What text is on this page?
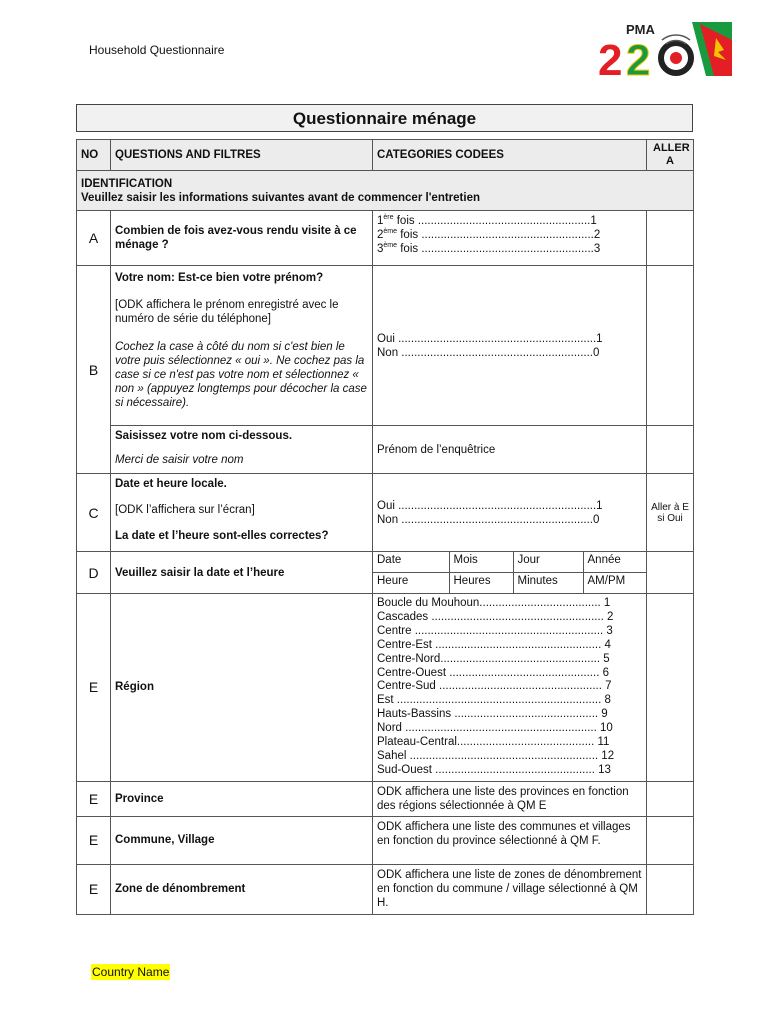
Household Questionnaire
PMA
2 2
Questionnaire ménage
NO	QUESTIONS AND FILTRES	CATEGORIES CODEES	ALLER A

IDENTIFICATION
Veuillez saisir les informations suivantes avant de commencer l'entretien

A	Combien de fois avez-vous rendu visite à ce ménage ?	
1ère fois ......................................................1
2ème fois ......................................................2
3ème fois ......................................................3

B	
Votre nom: Est-ce bien votre prénom?
[ODK affichera le prénom enregistré avec le numéro de série du téléphone]
Cochez la case à côté du nom si c'est bien le votre puis sélectionnez « oui ». Ne cochez pas la case si ce n'est pas votre nom et sélectionnez « non » (appuyez longtemps pour décocher la case si nécessaire).

Oui ..............................................................1
Non ............................................................0

Saisissez votre nom ci-dessous.
Merci de saisir votre nom
	Prénom de l’enquêtrice	
C	
Date et heure locale.
[ODK l’affichera sur l’écran]
La date et l’heure sont-elles correctes?

Oui ..............................................................1
Non ............................................................0
	Aller à E si Oui
D	Veuillez saisir la date et l’heure	
Date	Mois	Jour	Année
Heure	Heures	Minutes	AM/PM

E	Région	
Boucle du Mouhoun...................................... 1
Cascades ...................................................... 2
Centre ........................................................... 3
Centre-Est .................................................... 4
Centre-Nord.................................................. 5
Centre-Ouest ............................................... 6
Centre-Sud ................................................... 7
Est ................................................................ 8
Hauts-Bassins ............................................. 9
Nord ............................................................ 10
Plateau-Central........................................... 11
Sahel ........................................................... 12
Sud-Ouest .................................................. 13

E	Province	ODK affichera une liste des provinces en fonction des régions sélectionnée à QM E	
E	Commune, Village	ODK affichera une liste des communes et villages en fonction du province sélectionné à QM F.	
E	Zone de dénombrement	ODK affichera une liste de zones de dénombrement en fonction du commune / village sélectionné à QM H.	
Country Name
